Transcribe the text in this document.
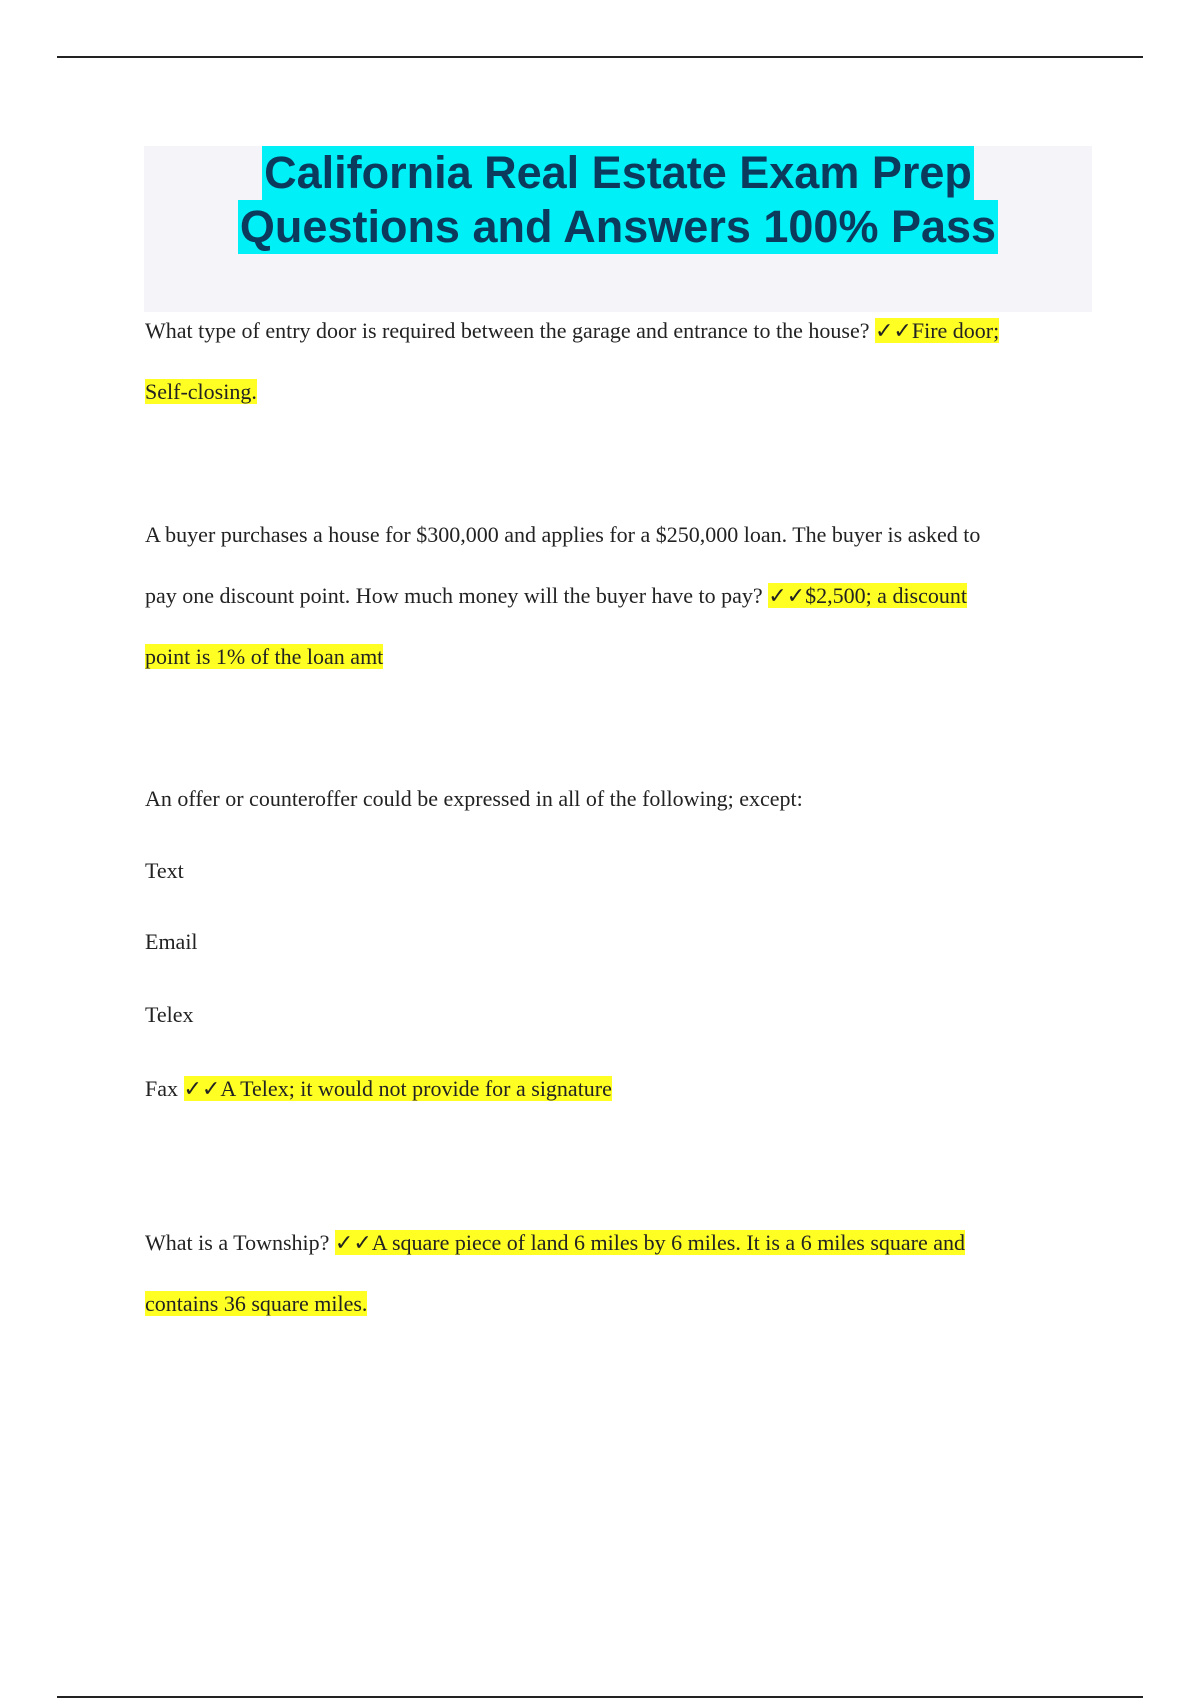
California Real Estate Exam Prep
Questions and Answers 100% Pass

What type of entry door is required between the garage and entrance to the house? ✓✓Fire door;
Self-closing.

A buyer purchases a house for $300,000 and applies for a $250,000 loan. The buyer is asked to
pay one discount point. How much money will the buyer have to pay? ✓✓$2,500; a discount
point is 1% of the loan amt

An offer or counteroffer could be expressed in all of the following; except:

Text

Email

Telex

Fax ✓✓A Telex; it would not provide for a signature

What is a Township? ✓✓A square piece of land 6 miles by 6 miles. It is a 6 miles square and
contains 36 square miles.
